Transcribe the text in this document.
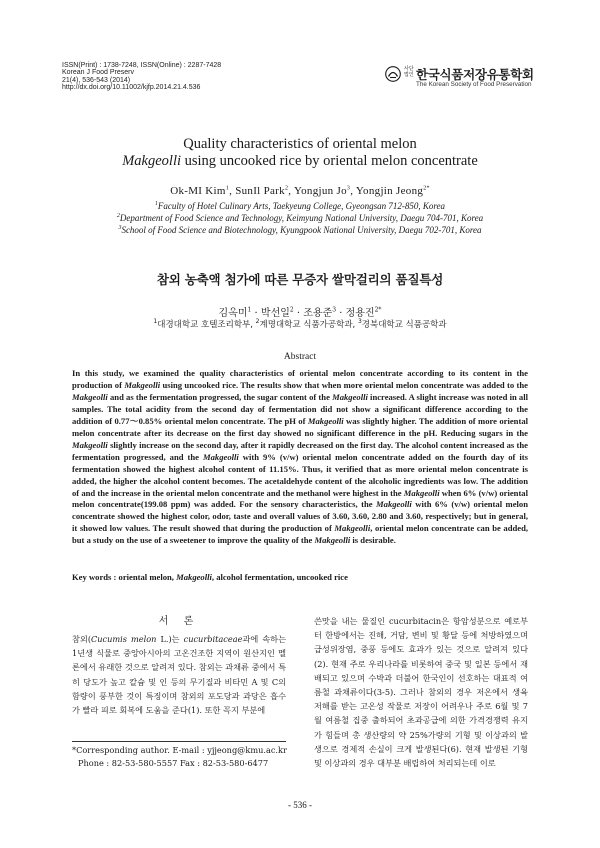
ISSN(Print) : 1738-7248, ISSN(Online) : 2287-7428
Korean J Food Preserv
21(4), 536-543 (2014)
http://dx.doi.org/10.11002/kjfp.2014.21.4.536
사단 법인 한국식품저장유통학회
The Korean Society of Food Preservation
Quality characteristics of oriental melon
Makgeolli using uncooked rice by oriental melon concentrate
Ok-MI Kim$^1$, SunIl Park$^2$, Yongjun Jo$^3$, Yongjin Jeong$^{2*}$
$^1$Faculty of Hotel Culinary Arts, Taekyeung College, Gyeongsan 712-850, Korea
$^2$Department of Food Science and Technology, Keimyung National University, Daegu 704-701, Korea
$^3$School of Food Science and Biotechnology, Kyungpook National University, Daegu 702-701, Korea
참외 농축액 첨가에 따른 무증자 쌀막걸리의 품질특성
김옥미$^1$ · 박선일$^2$ · 조용준$^3$ · 정용진$^{2*}$
$^1$대경대학교 호텔조리학부, $^2$계명대학교 식품가공학과, $^3$경북대학교 식품공학과
Abstract
In this study, we examined the quality characteristics of oriental melon concentrate according to its content in the production of Makgeolli using uncooked rice. The results show that when more oriental melon concentrate was added to the Makgeolli and as the fermentation progressed, the sugar content of the Makgeolli increased. A slight increase was noted in all samples. The total acidity from the second day of fermentation did not show a significant difference according to the addition of 0.77～0.85% oriental melon concentrate. The pH of Makgeolli was slightly higher. The addition of more oriental melon concentrate after its decrease on the first day showed no significant difference in the pH. Reducing sugars in the Makgeolli slightly increase on the second day, after it rapidly decreased on the first day. The alcohol content increased as the fermentation progressed, and the Makgeolli with 9% (v/w) oriental melon concentrate added on the fourth day of its fermentation showed the highest alcohol content of 11.15%. Thus, it verified that as more oriental melon concentrate is added, the higher the alcohol content becomes. The acetaldehyde content of the alcoholic ingredients was low. The addition of and the increase in the oriental melon concentrate and the methanol were highest in the Makgeolli when 6% (v/w) oriental melon concentrate(199.08 ppm) was added. For the sensory characteristics, the Makgeolli with 6% (v/w) oriental melon concentrate showed the highest color, odor, taste and overall values of 3.60, 3.60, 2.80 and 3.60, respectively; but in general, it showed low values. The result showed that during the production of Makgeolli, oriental melon concentrate can be added, but a study on the use of a sweetener to improve the quality of the Makgeolli is desirable.
Key words : oriental melon, Makgeolli, alcohol fermentation, uncooked rice
서 론
참외(Cucumis melon L.)는 cucurbitaceae과에 속하는 1년생 식물로 중앙아시아의 고온건조한 지역이 원산지인 멜론에서 유래한 것으로 알려져 있다. 참외는 과채류 중에서 특히 당도가 높고 칼슘 및 인 등의 무기질과 비타민 A 및 C의 함량이 풍부한 것이 특징이며 참외의 포도당과 과당은 흡수가 빨라 피로 회복에 도움을 준다(1). 또한 꼭지 부분에
쓴맛을 내는 물질인 cucurbitacin은 항암성분으로 예로부터 한방에서는 진해, 거담, 변비 및 황달 등에 처방하였으며 급성위장염, 중풍 등에도 효과가 있는 것으로 알려져 있다(2). 현재 주로 우리나라를 비롯하여 중국 및 일본 등에서 재배되고 있으며 수박과 더불어 한국인이 선호하는 대표적 여름철 과채류이다(3-5). 그러나 참외의 경우 저온에서 생육 저해를 받는 고온성 작물로 저장이 어려우나 주로 6월 및 7월 여름철 집중 출하되어 초과공급에 의한 가격경쟁력 유지가 힘들며 총 생산량의 약 25%가량의 기형 및 이상과의 발생으로 경제적 손실이 크게 발생된다(6). 현재 발생된 기형 및 이상과의 경우 대부분 배립하여 처리되는데 이로
*Corresponding author. E-mail : yjjeong@kmu.ac.kr
Phone : 82-53-580-5557 Fax : 82-53-580-6477
- 536 -
